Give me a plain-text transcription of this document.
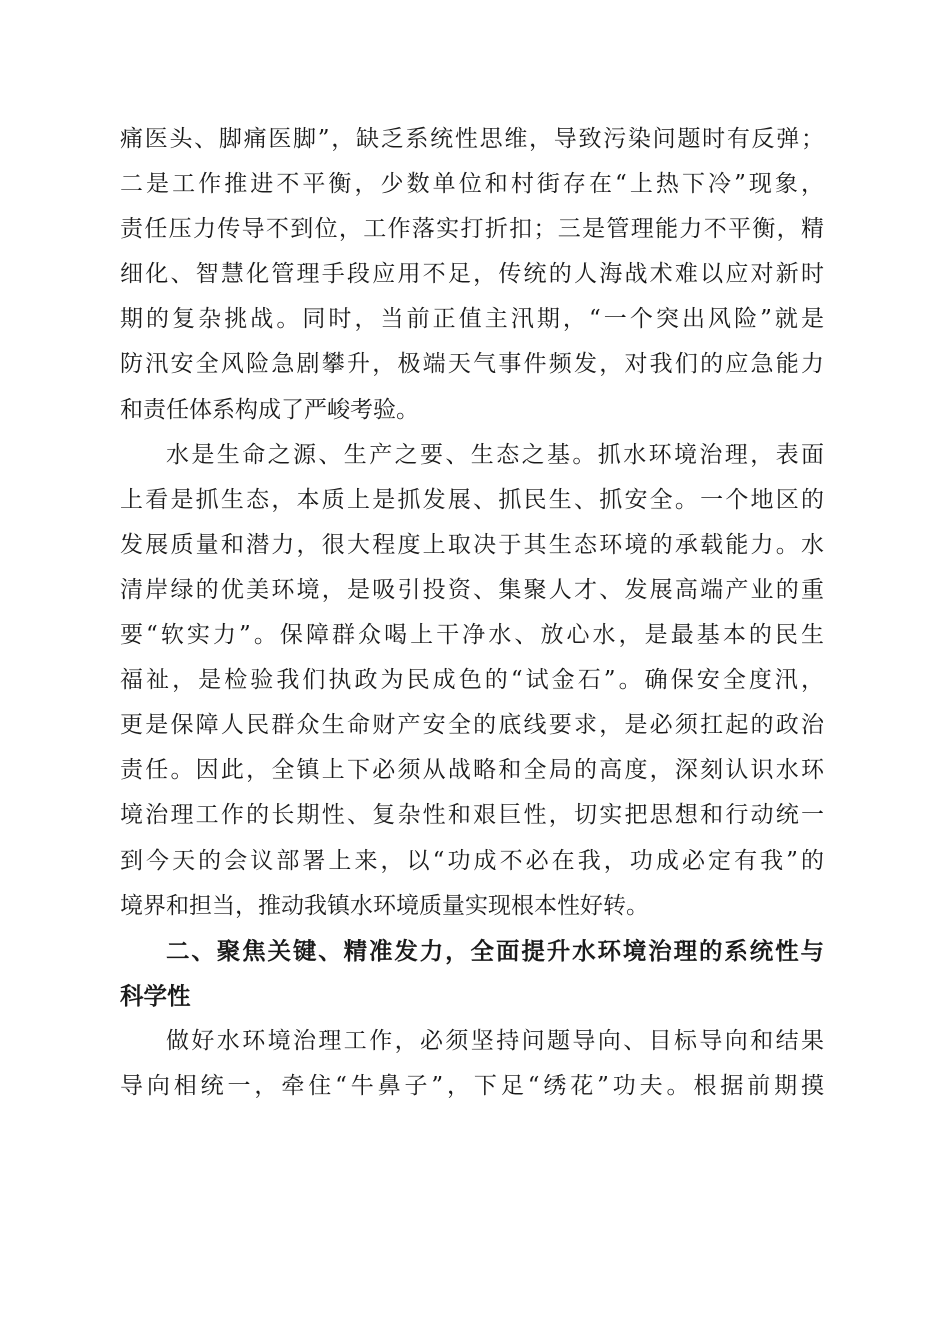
痛医头、脚痛医脚”，缺乏系统性思维，导致污染问题时有反弹；
二是工作推进不平衡，少数单位和村街存在“上热下冷”现象，
责任压力传导不到位，工作落实打折扣；三是管理能力不平衡，精
细化、智慧化管理手段应用不足，传统的人海战术难以应对新时
期的复杂挑战。同时，当前正值主汛期，“一个突出风险”就是
防汛安全风险急剧攀升，极端天气事件频发，对我们的应急能力
和责任体系构成了严峻考验。
水是生命之源、生产之要、生态之基。抓水环境治理，表面
上看是抓生态，本质上是抓发展、抓民生、抓安全。一个地区的
发展质量和潜力，很大程度上取决于其生态环境的承载能力。水
清岸绿的优美环境，是吸引投资、集聚人才、发展高端产业的重
要“软实力”。保障群众喝上干净水、放心水，是最基本的民生
福祉，是检验我们执政为民成色的“试金石”。确保安全度汛，
更是保障人民群众生命财产安全的底线要求，是必须扛起的政治
责任。因此，全镇上下必须从战略和全局的高度，深刻认识水环
境治理工作的长期性、复杂性和艰巨性，切实把思想和行动统一
到今天的会议部署上来，以“功成不必在我，功成必定有我”的
境界和担当，推动我镇水环境质量实现根本性好转。
二、聚焦关键、精准发力，全面提升水环境治理的系统性与
科学性
做好水环境治理工作，必须坚持问题导向、目标导向和结果
导向相统一，牵住“牛鼻子”，下足“绣花”功夫。根据前期摸
